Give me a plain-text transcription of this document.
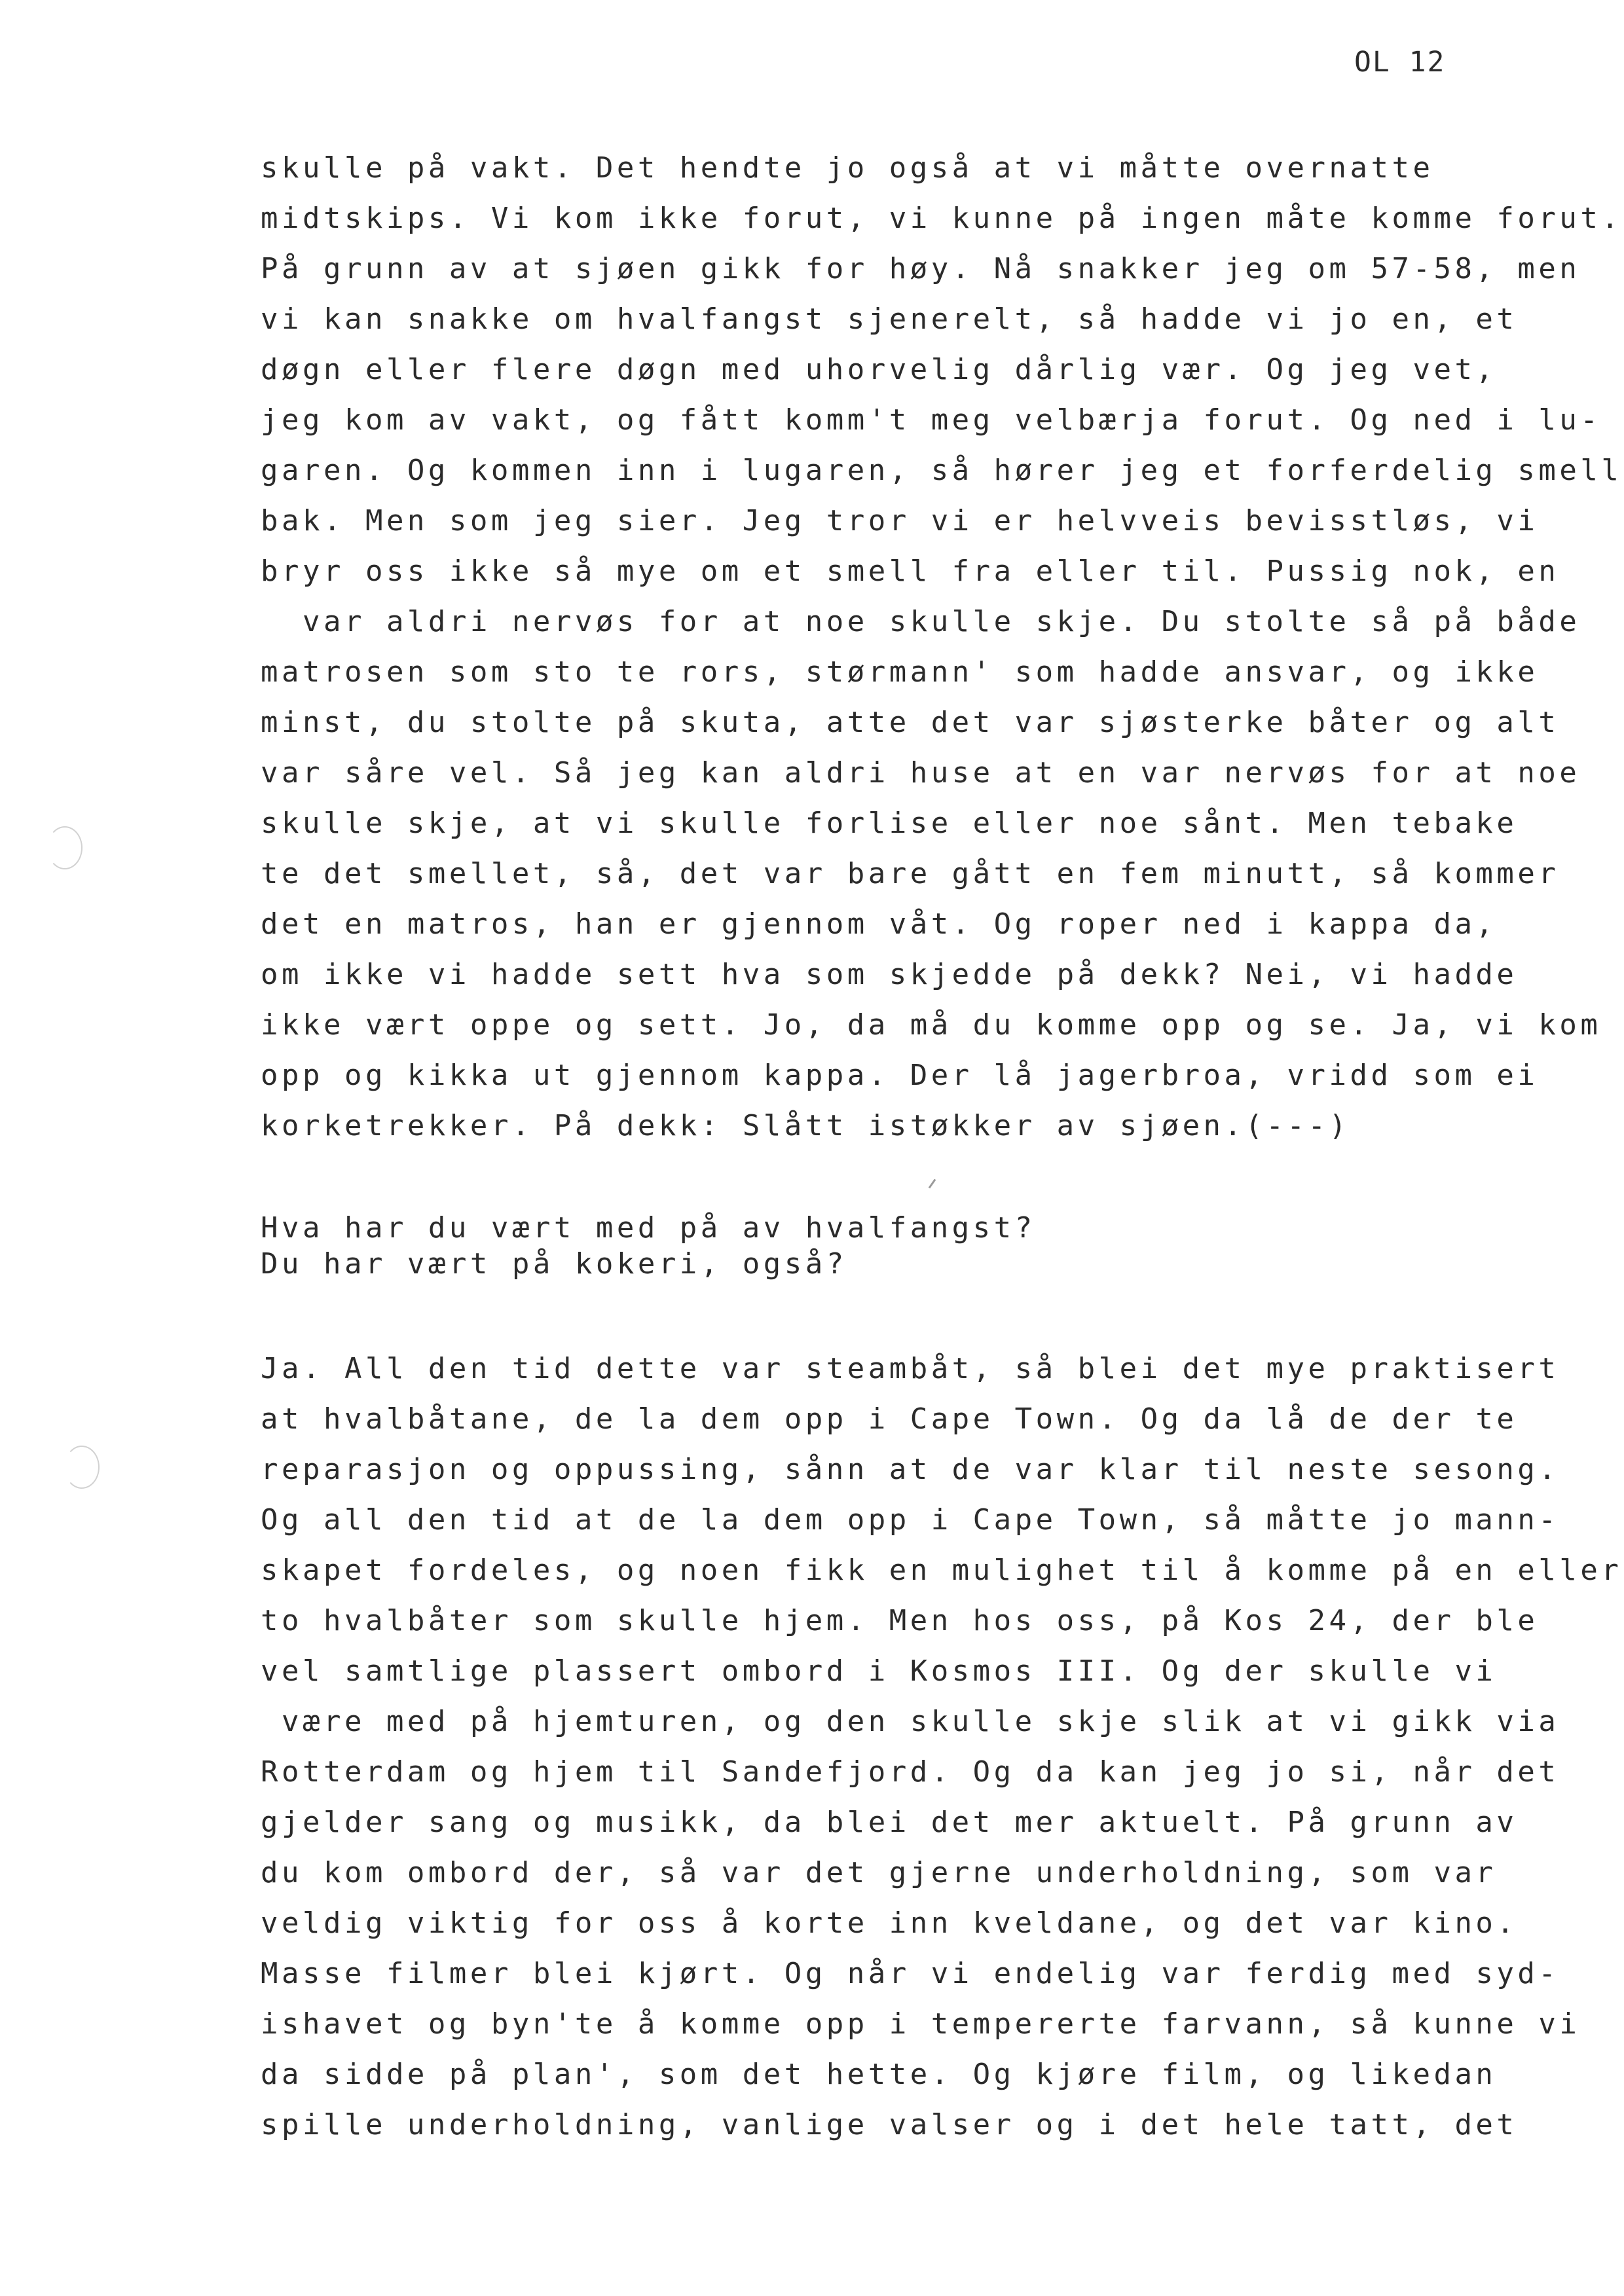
OL 12
skulle på vakt. Det hendte jo også at vi måtte overnatte
midtskips. Vi kom ikke forut, vi kunne på ingen måte komme forut.
På grunn av at sjøen gikk for høy. Nå snakker jeg om 57-58, men
vi kan snakke om hvalfangst sjenerelt, så hadde vi jo en, et
døgn eller flere døgn med uhorvelig dårlig vær. Og jeg vet,
jeg kom av vakt, og fått komm't meg velbærja forut. Og ned i lu-
garen. Og kommen inn i lugaren, så hører jeg et forferdelig smell
bak. Men som jeg sier. Jeg tror vi er helvveis bevisstløs, vi
bryr oss ikke så mye om et smell fra eller til. Pussig nok, en
var aldri nervøs for at noe skulle skje. Du stolte så på både
matrosen som sto te rors, størmann' som hadde ansvar, og ikke
minst, du stolte på skuta, atte det var sjøsterke båter og alt
var såre vel. Så jeg kan aldri huse at en var nervøs for at noe
skulle skje, at vi skulle forlise eller noe sånt. Men tebake
te det smellet, så, det var bare gått en fem minutt, så kommer
det en matros, han er gjennom våt. Og roper ned i kappa da,
om ikke vi hadde sett hva som skjedde på dekk? Nei, vi hadde
ikke vært oppe og sett. Jo, da må du komme opp og se. Ja, vi kom
opp og kikka ut gjennom kappa. Der lå jagerbroa, vridd som ei
korketrekker. På dekk: Slått istøkker av sjøen.(---)
Hva har du vært med på av hvalfangst?
Du har vært på kokeri, også?
Ja. All den tid dette var steambåt, så blei det mye praktisert
at hvalbåtane, de la dem opp i Cape Town. Og da lå de der te
reparasjon og oppussing, sånn at de var klar til neste sesong.
Og all den tid at de la dem opp i Cape Town, så måtte jo mann-
skapet fordeles, og noen fikk en mulighet til å komme på en eller
to hvalbåter som skulle hjem. Men hos oss, på Kos 24, der ble
vel samtlige plassert ombord i Kosmos III. Og der skulle vi
være med på hjemturen, og den skulle skje slik at vi gikk via
Rotterdam og hjem til Sandefjord. Og da kan jeg jo si, når det
gjelder sang og musikk, da blei det mer aktuelt. På grunn av
du kom ombord der, så var det gjerne underholdning, som var
veldig viktig for oss å korte inn kveldane, og det var kino.
Masse filmer blei kjørt. Og når vi endelig var ferdig med syd-
ishavet og byn'te å komme opp i tempererte farvann, så kunne vi
da sidde på plan', som det hette. Og kjøre film, og likedan
spille underholdning, vanlige valser og i det hele tatt, det
